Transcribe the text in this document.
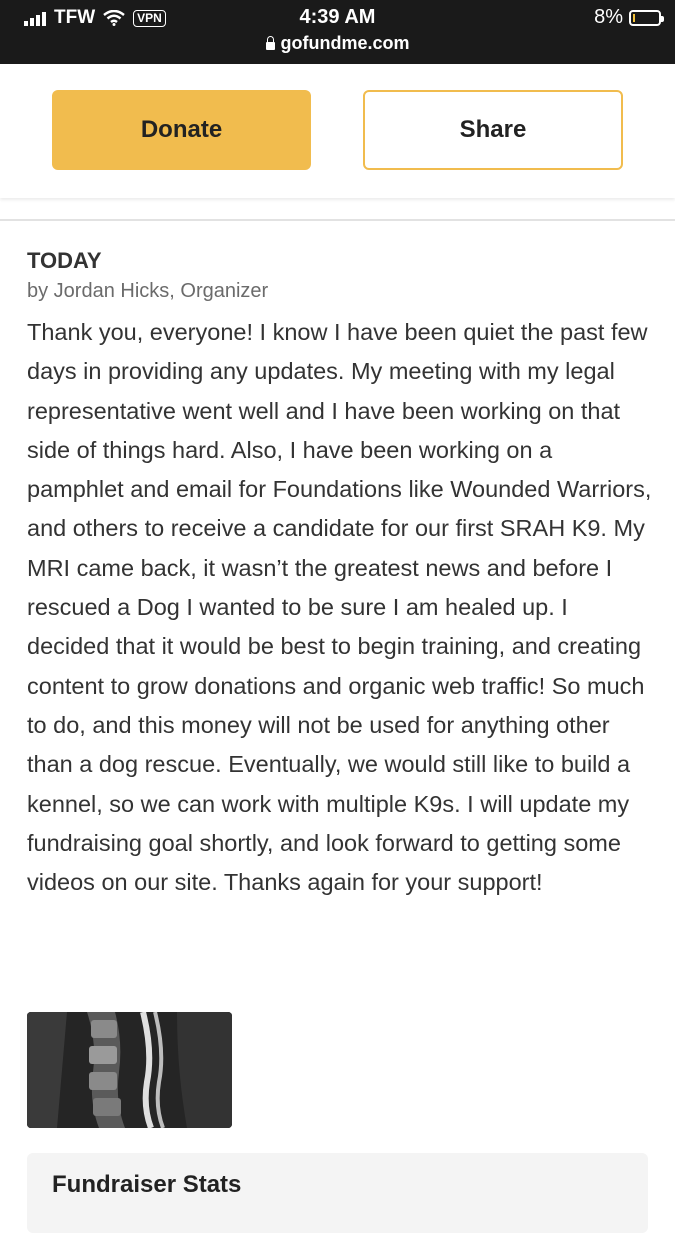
TFW	VPN	4:39 AM	8%
gofundme.com
Donate	Share
TODAY
by Jordan Hicks, Organizer
Thank you, everyone! I know I have been quiet the past few days in providing any updates. My meeting with my legal representative went well and I have been working on that side of things hard. Also, I have been working on a pamphlet and email for Foundations like Wounded Warriors, and others to receive a candidate for our first SRAH K9. My MRI came back, it wasn’t the greatest news and before I rescued a Dog I wanted to be sure I am healed up. I decided that it would be best to begin training, and creating content to grow donations and organic web traffic! So much to do, and this money will not be used for anything other than a dog rescue. Eventually, we would still like to build a kennel, so we can work with multiple K9s. I will update my fundraising goal shortly, and look forward to getting some videos on our site. Thanks again for your support!
Fundraiser Stats
